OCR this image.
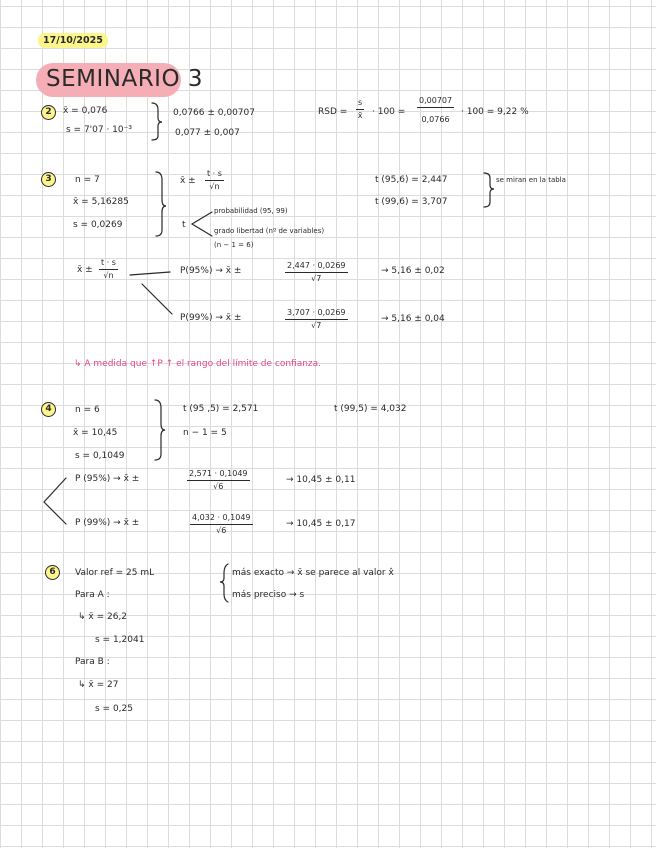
17/10/2025
SEMINARIO 3
2	x̄ = 0,076
s = 7'07 · 10⁻³
0,0766 ± 0,00707
0,077 ± 0,007
RSD = $\frac{s}{x̄} \cdot 100 = \frac{0,00707}{0,0766} \cdot 100 = 9,22$ %
3	n = 7
x̄ = 5,16285
s = 0,0269
x̄ ± $\frac{t \cdot s}{√n}$
t
probabilidad (95, 99)
grado libertad (nº de variables)
(n − 1 = 6)
t (95,6) = 2,447
t (99,6) = 3,707
se miran en la tabla
x̄ ± $\frac{t \cdot s}{√n}$	P(95%) → x̄ ±	$\frac{2,447 \cdot 0,0269}{√7}$	→ 5,16 ± 0,02
P(99%) → x̄ ±	$\frac{3,707 \cdot 0,0269}{√7}$	→ 5,16 ± 0,04
↳ A medida que ↑P ↑ el rango del límite de confianza.
4	n = 6
x̄ = 10,45
s = 0,1049
t (95 ,5) = 2,571	t (99,5) = 4,032
n − 1 = 5
P (95%) → x̄ ±	$\frac{2,571 \cdot 0,1049}{√6}$	→ 10,45 ± 0,11
P (99%) → x̄ ±	$\frac{4,032 \cdot 0,1049}{√6}$	→ 10,45 ± 0,17
6	Valor ref = 25 mL
Para A :
↳ x̄ = 26,2
s = 1,2041
Para B :
↳ x̄ = 27
s = 0,25
más exacto → x̄ se parece al valor x̂
más preciso → s
